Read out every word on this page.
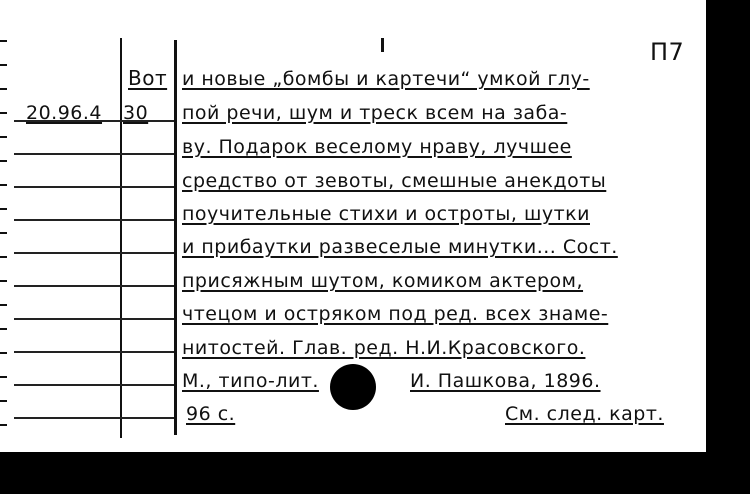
П7
Вот
20.96.4 30
и новые „бомбы и картечи“ умкой глу-
пой речи, шум и треск всем на заба-
ву. Подарок веселому нраву, лучшее
средство от зевоты, смешные анекдоты
поучительные стихи и остроты, шутки
и прибаутки развеселые минутки... Сост.
присяжным шутом, комиком актером,
чтецом и остряком под ред. всех знаме-
нитостей. Глав. ред. Н.И.Красовского.
М., типо-лит.	И. Пашкова, 1896.
96 с.	См. след. карт.
